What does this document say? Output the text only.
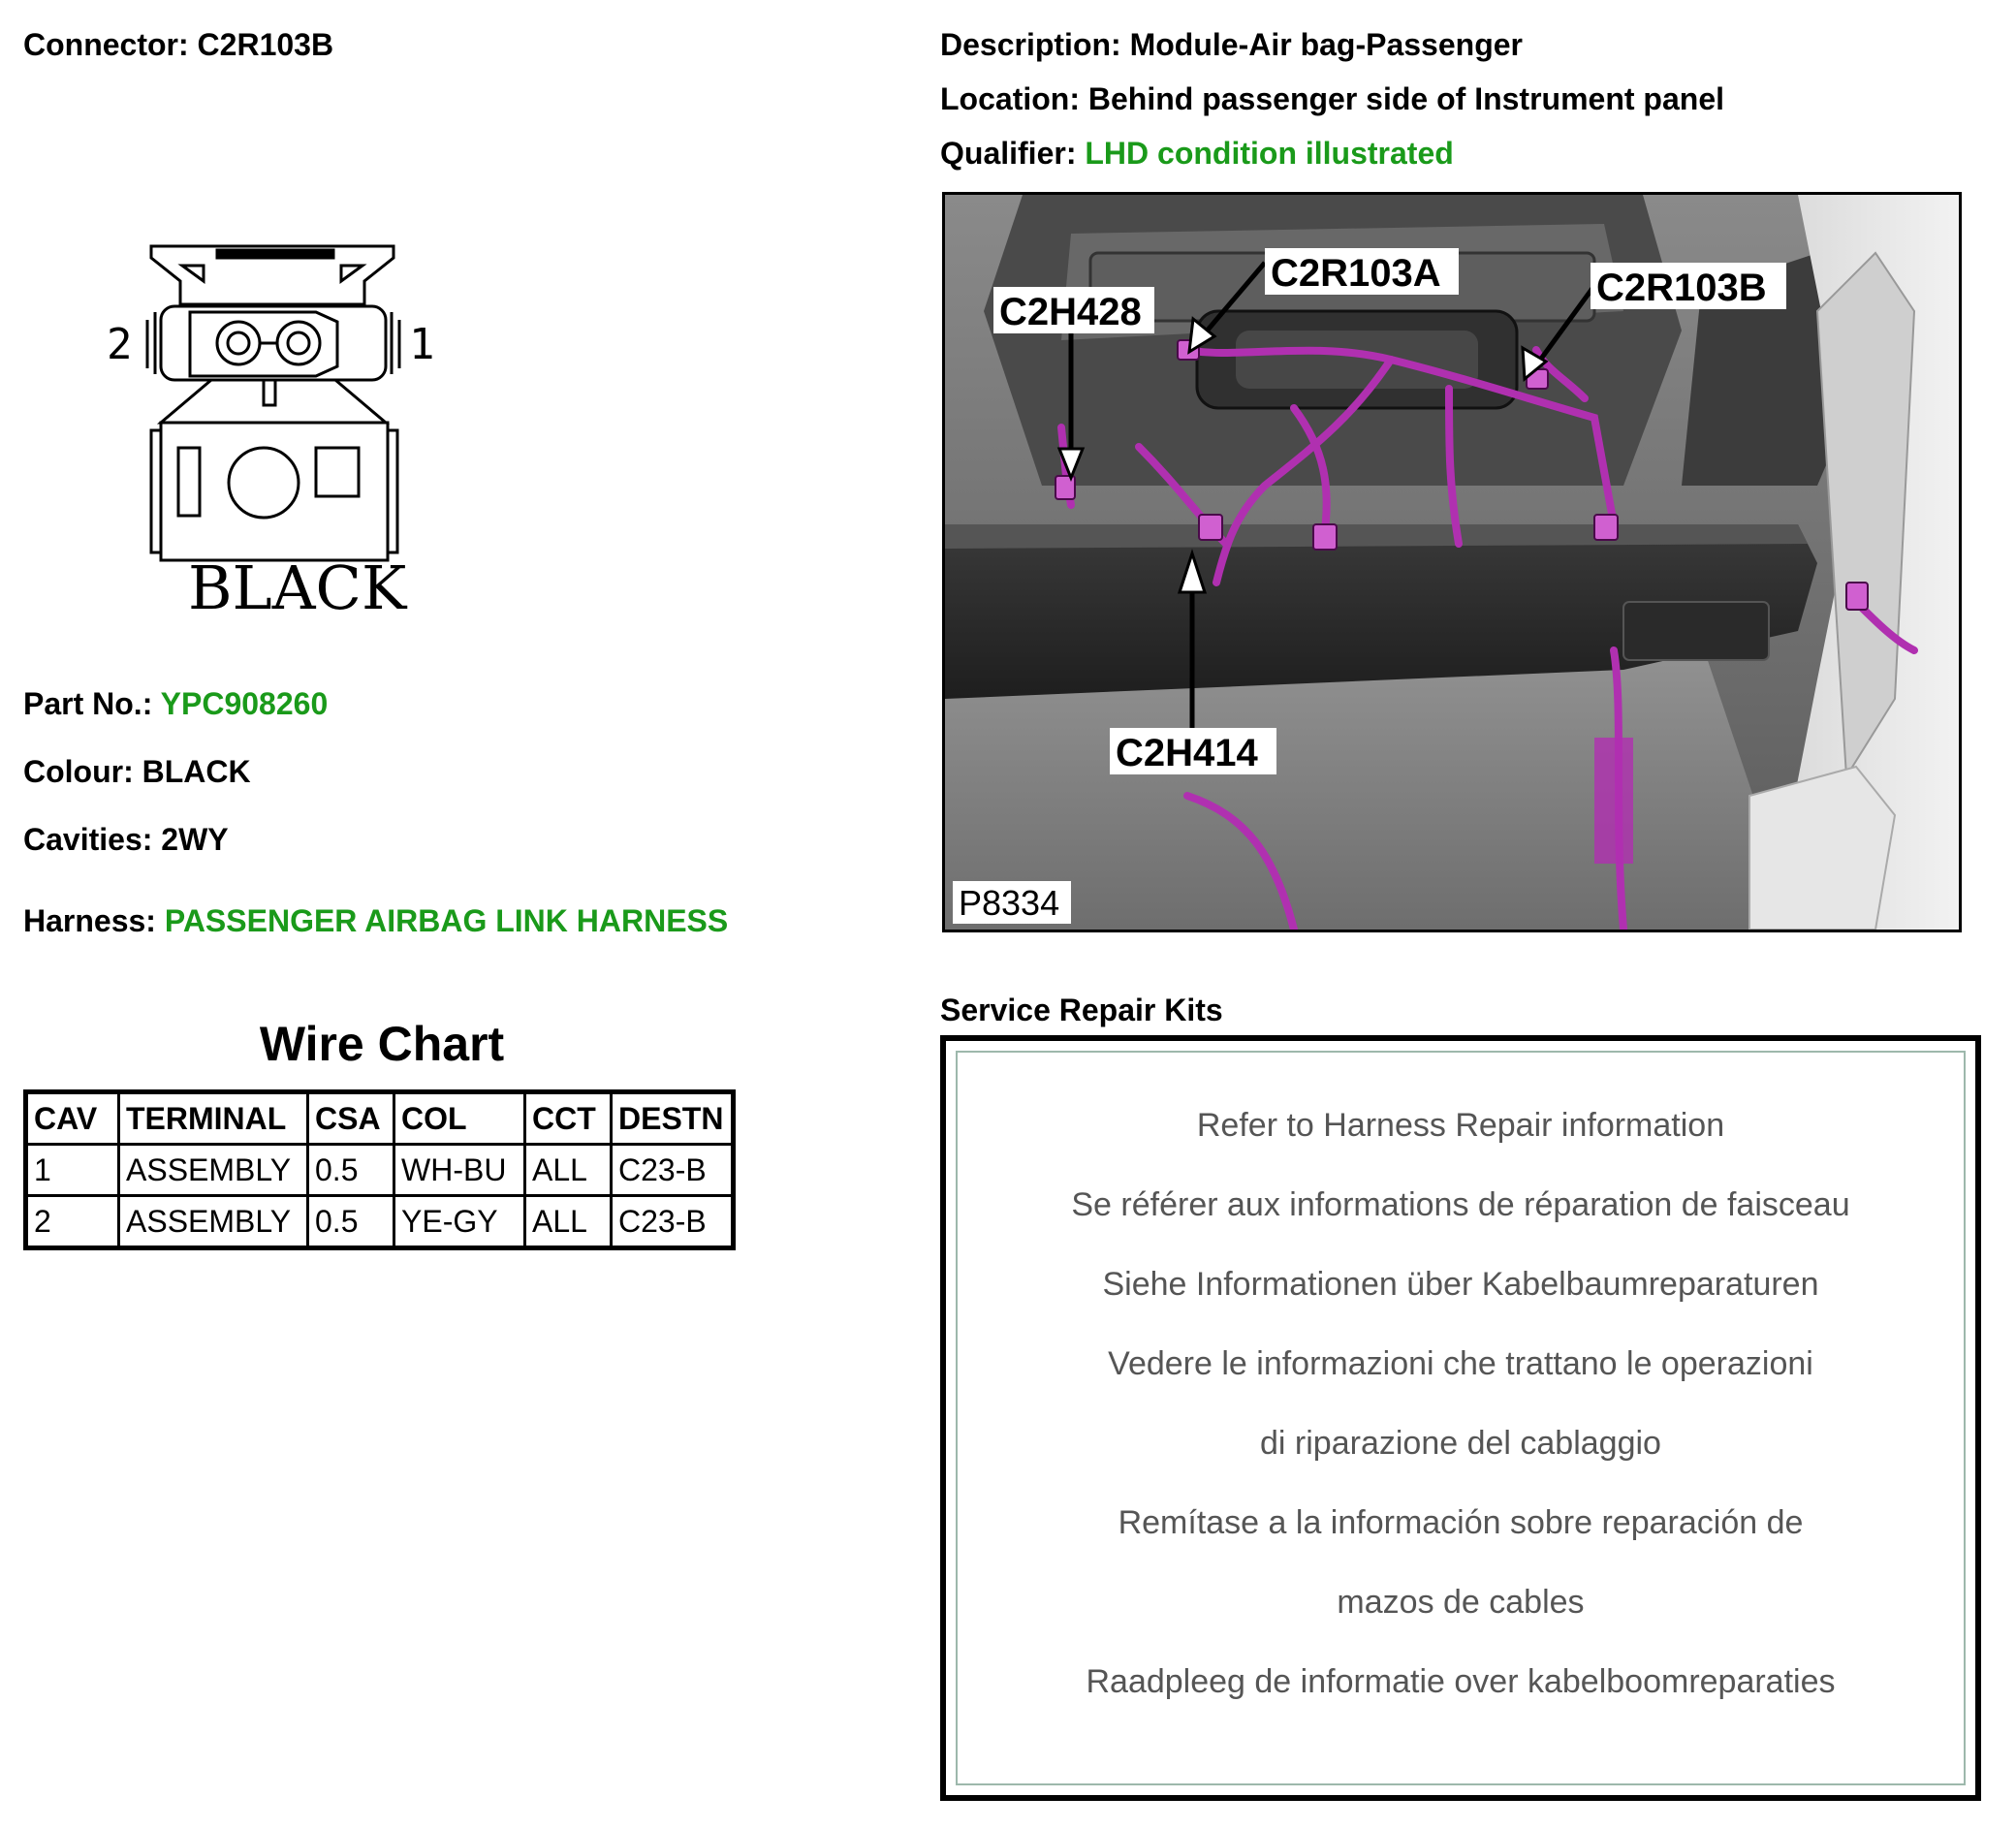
Connector: C2R103B	Description: Module-Air bag-Passenger
Location: Behind passenger side of Instrument panel
Qualifier: LHD condition illustrated
2	1
BLACK
Part No.: YPC908260
Colour: BLACK
Cavities: 2WY
Harness: PASSENGER AIRBAG LINK HARNESS
Wire Chart
CAV	TERMINAL	CSA	COL	CCT	DESTN
1	ASSEMBLY	0.5	WH-BU	ALL	C23-B
2	ASSEMBLY	0.5	YE-GY	ALL	C23-B
C2H428
C2R103A	C2R103B
C2H414
P8334
Service Repair Kits
Refer to Harness Repair information
Se référer aux informations de réparation de faisceau
Siehe Informationen über Kabelbaumreparaturen
Vedere le informazioni che trattano le operazioni
di riparazione del cablaggio
Remítase a la información sobre reparación de
mazos de cables
Raadpleeg de informatie over kabelboomreparaties
